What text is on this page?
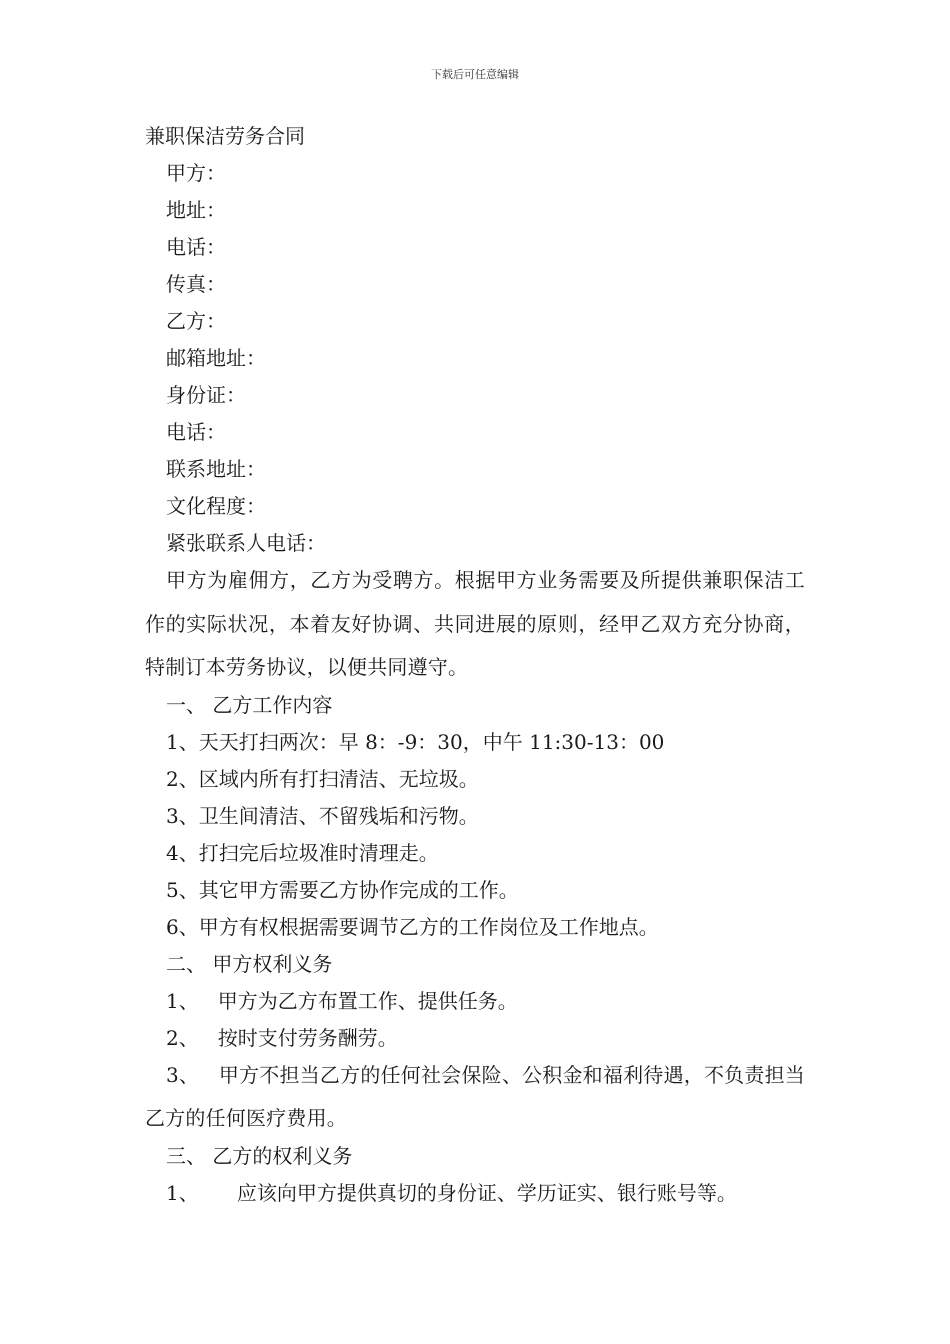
下载后可任意编辑
兼职保洁劳务合同
甲方：
地址：
电话：
传真：
乙方：
邮箱地址：
身份证：
电话：
联系地址：
文化程度：
紧张联系人电话：
甲方为雇佣方，乙方为受聘方。根据甲方业务需要及所提供兼职保洁工作的实际状况，本着友好协调、共同进展的原则，经甲乙双方充分协商，特制订本劳务协议，以便共同遵守。
一、 乙方工作内容
1、天天打扫两次：早 8：-9：30，中午 11:30-13：00
2、区域内所有打扫清洁、无垃圾。
3、卫生间清洁、不留残垢和污物。
4、打扫完后垃圾准时清理走。
5、其它甲方需要乙方协作完成的工作。
6、甲方有权根据需要调节乙方的工作岗位及工作地点。
二、 甲方权利义务
1、   甲方为乙方布置工作、提供任务。
2、   按时支付劳务酬劳。
3、   甲方不担当乙方的任何社会保险、公积金和福利待遇，不负责担当乙方的任何医疗费用。
三、 乙方的权利义务
1、      应该向甲方提供真切的身份证、学历证实、银行账号等。
